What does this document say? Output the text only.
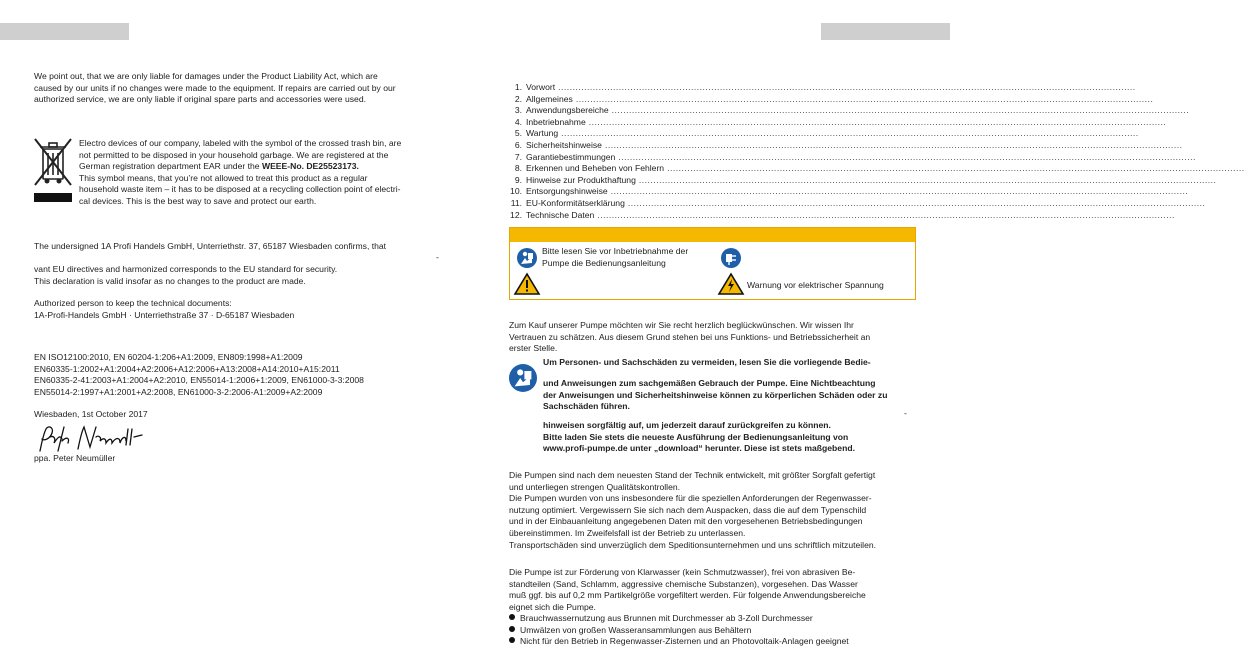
We point out, that we are only liable for damages under the Product Liability Act, which are
caused by our units if no changes were made to the equipment. If repairs are carried out by our
authorized service, we are only liable if original spare parts and accessories were used.
Electro devices of our company, labeled with the symbol of the crossed trash bin, are
not permitted to be disposed in your household garbage. We are registered at the
German registration department EAR under the WEEE-No. DE25523173.
This symbol means, that you’re not allowed to treat this product as a regular
household waste item – it has to be disposed at a recycling collection point of electri-
cal devices. This is the best way to save and protect our earth.
The undersigned 1A Profi Handels GmbH, Unterriethstr. 37, 65187 Wiesbaden confirms, that
-
vant EU directives and harmonized corresponds to the EU standard for security.
This declaration is valid insofar as no changes to the product are made.
Authorized person to keep the technical documents:
1A-Profi-Handels GmbH · Unterriethstraße 37 · D-65187 Wiesbaden
EN ISO12100:2010, EN 60204-1:206+A1:2009, EN809:1998+A1:2009
EN60335-1:2002+A1:2004+A2:2006+A12:2006+A13:2008+A14:2010+A15:2011
EN60335-2-41:2003+A1:2004+A2:2010, EN55014-1:2006+1:2009, EN61000-3-3:2008
EN55014-2:1997+A1:2001+A2:2008, EN61000-3-2:2006-A1:2009+A2:2009
Wiesbaden, 1st October 2017
ppa. Peter Neumüller
1. Vorwort ........................................................................................................................................................................................................
2. Allgemeines ........................................................................................................................................................................................................
3. Anwendungsbereiche ........................................................................................................................................................................................................
4. Inbetriebnahme ........................................................................................................................................................................................................
5. Wartung ........................................................................................................................................................................................................
6. Sicherheitshinweise ........................................................................................................................................................................................................
7. Garantiebestimmungen ........................................................................................................................................................................................................
8. Erkennen und Beheben von Fehlern ........................................................................................................................................................................................................
9. Hinweise zur Produkthaftung ........................................................................................................................................................................................................
10. Entsorgungshinweise ........................................................................................................................................................................................................
11. EU-Konformitätserklärung ........................................................................................................................................................................................................
12. Technische Daten ........................................................................................................................................................................................................
Bitte lesen Sie vor Inbetriebnahme der
Pumpe die Bedienungsanleitung
Warnung vor elektrischer Spannung
Zum Kauf unserer Pumpe möchten wir Sie recht herzlich beglückwünschen. Wir wissen Ihr
Vertrauen zu schätzen. Aus diesem Grund stehen bei uns Funktions- und Betriebssicherheit an
erster Stelle.
Um Personen- und Sachschäden zu vermeiden, lesen Sie die vorliegende Bedie-
und Anweisungen zum sachgemäßen Gebrauch der Pumpe. Eine Nichtbeachtung
der Anweisungen und Sicherheitshinweise können zu körperlichen Schäden oder zu
Sachschäden führen.
-
hinweisen sorgfältig auf, um jederzeit darauf zurückgreifen zu können.
Bitte laden Sie stets die neueste Ausführung der Bedienungsanleitung von
www.profi-pumpe.de unter „download“ herunter. Diese ist stets maßgebend.
Die Pumpen sind nach dem neuesten Stand der Technik entwickelt, mit größter Sorgfalt gefertigt
und unterliegen strengen Qualitätskontrollen.
Die Pumpen wurden von uns insbesondere für die speziellen Anforderungen der Regenwasser-
nutzung optimiert. Vergewissern Sie sich nach dem Auspacken, dass die auf dem Typenschild
und in der Einbauanleitung angegebenen Daten mit den vorgesehenen Betriebsbedingungen
übereinstimmen. Im Zweifelsfall ist der Betrieb zu unterlassen.
Transportschäden sind unverzüglich dem Speditionsunternehmen und uns schriftlich mitzuteilen.
Die Pumpe ist zur Förderung von Klarwasser (kein Schmutzwasser), frei von abrasiven Be-
standteilen (Sand, Schlamm, aggressive chemische Substanzen), vorgesehen. Das Wasser
muß ggf. bis auf 0,2 mm Partikelgröße vorgefiltert werden. Für folgende Anwendungsbereiche
eignet sich die Pumpe.
Brauchwassernutzung aus Brunnen mit Durchmesser ab 3-Zoll Durchmesser
Umwälzen von großen Wasseransammlungen aus Behältern
Nicht für den Betrieb in Regenwasser-Zisternen und an Photovoltaik-Anlagen geeignet
